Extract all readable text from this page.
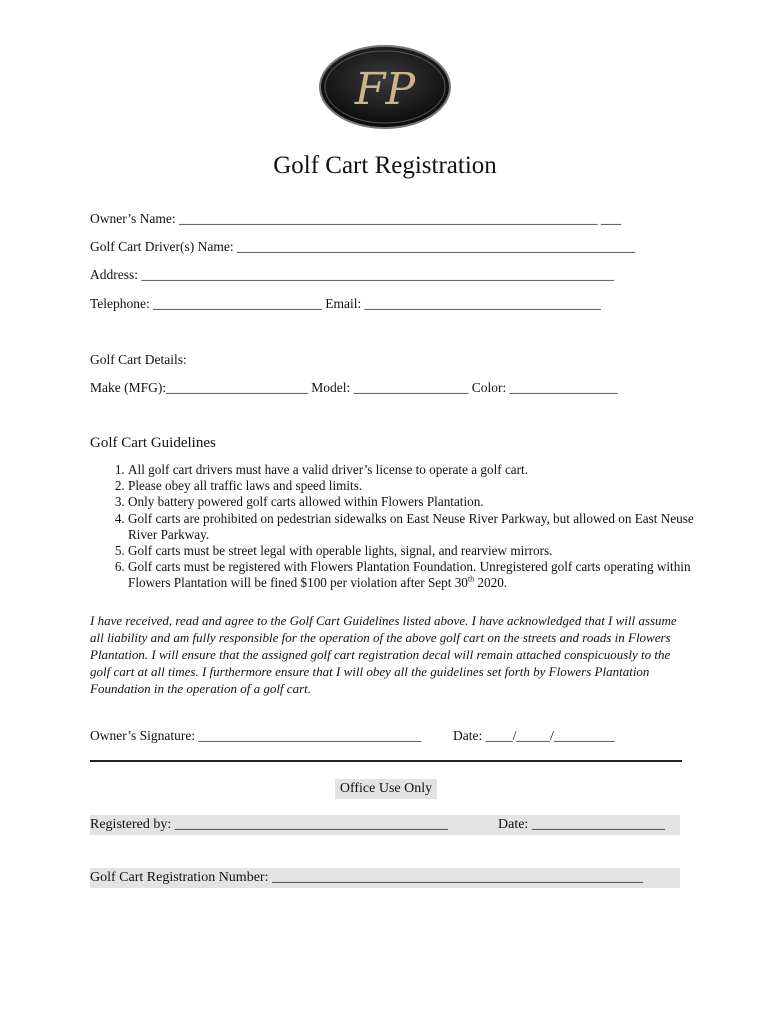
FP
Golf Cart Registration
Owner’s Name: ______________________________________________________________ ___
Golf Cart Driver(s) Name: ___________________________________________________________
Address: ______________________________________________________________________
Telephone: _________________________ Email: ___________________________________
Golf Cart Details:
Make (MFG):_____________________ Model: _________________ Color: ________________
Golf Cart Guidelines
1. All golf cart drivers must have a valid driver’s license to operate a golf cart.
2. Please obey all traffic laws and speed limits.
3. Only battery powered golf carts allowed within Flowers Plantation.
4. Golf carts are prohibited on pedestrian sidewalks on East Neuse River Parkway, but allowed on East Neuse River Parkway.
5. Golf carts must be street legal with operable lights, signal, and rearview mirrors.
6. Golf carts must be registered with Flowers Plantation Foundation. Unregistered golf carts operating within Flowers Plantation will be fined $100 per violation after Sept 30th 2020.
I have received, read and agree to the Golf Cart Guidelines listed above. I have acknowledged that I will assume all liability and am fully responsible for the operation of the above golf cart on the streets and roads in Flowers Plantation. I will ensure that the assigned golf cart registration decal will remain attached conspicuously to the golf cart at all times. I furthermore ensure that I will obey all the guidelines set forth by Flowers Plantation Foundation in the operation of a golf cart.
Owner’s Signature: _________________________________ Date: ____/_____/_________
Office Use Only
Registered by: _______________________________________	Date: ___________________
Golf Cart Registration Number: _____________________________________________________
